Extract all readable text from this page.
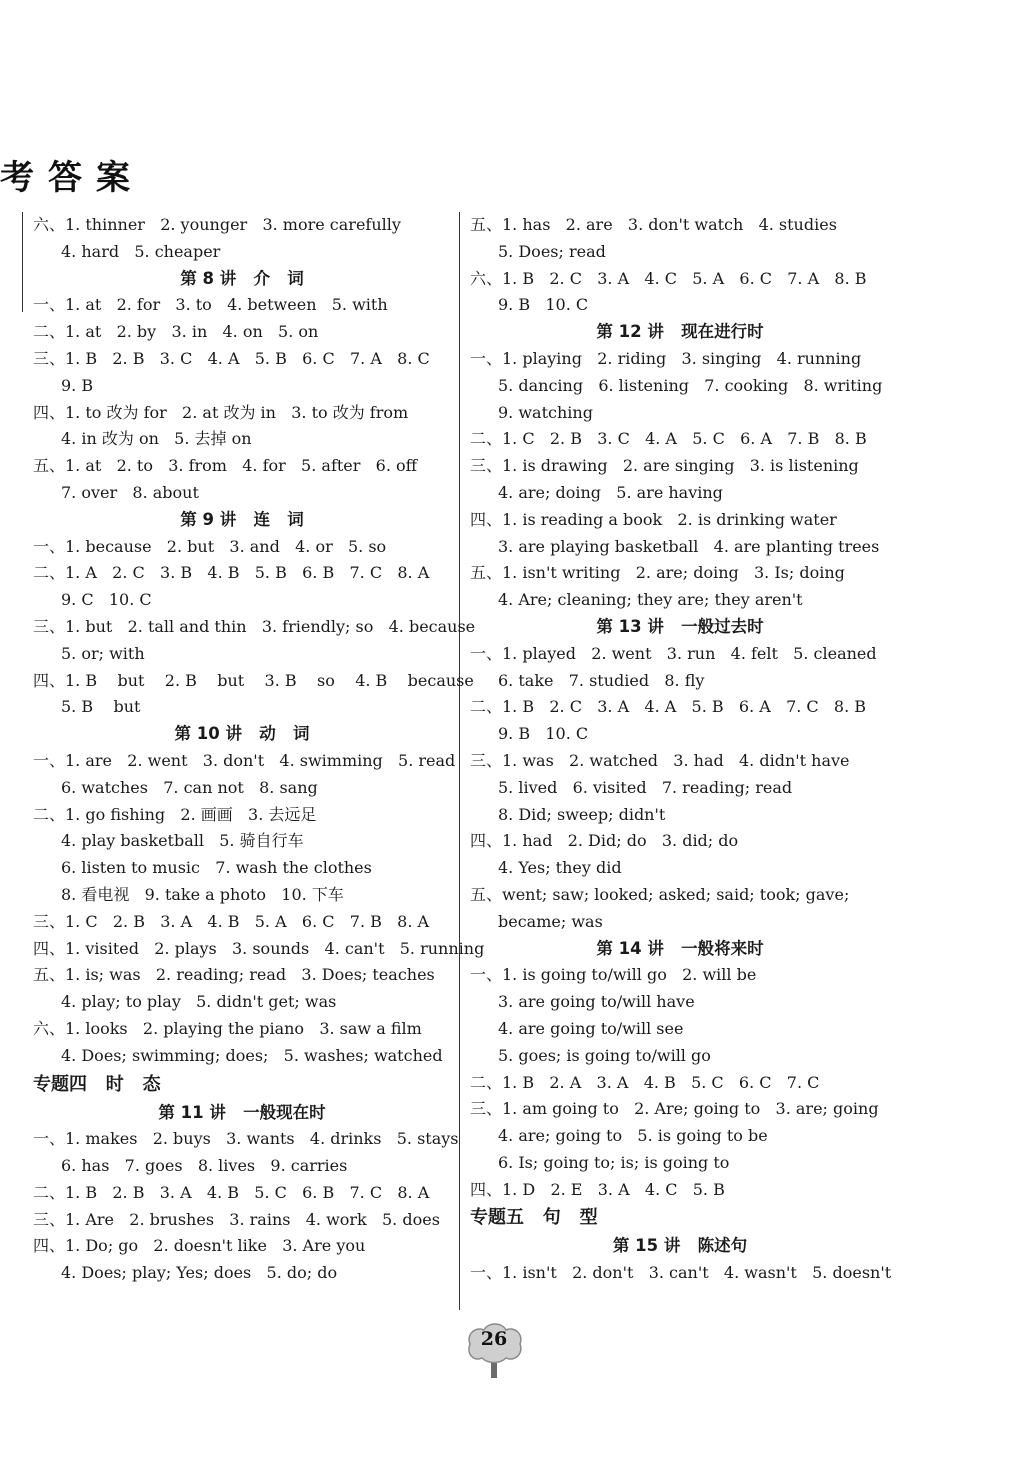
考答案
六、1. thinner   2. younger   3. more carefully
4. hard   5. cheaper
第 8 讲   介   词
一、1. at   2. for   3. to   4. between   5. with
二、1. at   2. by   3. in   4. on   5. on
三、1. B   2. B   3. C   4. A   5. B   6. C   7. A   8. C
9. B
四、1. to 改为 for   2. at 改为 in   3. to 改为 from
4. in 改为 on   5. 去掉 on
五、1. at   2. to   3. from   4. for   5. after   6. off
7. over   8. about
第 9 讲   连   词
一、1. because   2. but   3. and   4. or   5. so
二、1. A   2. C   3. B   4. B   5. B   6. B   7. C   8. A
9. C   10. C
三、1. but   2. tall and thin   3. friendly; so   4. because
5. or; with
四、1. B    but    2. B    but    3. B    so    4. B    because
5. B    but
第 10 讲   动   词
一、1. are   2. went   3. don't   4. swimming   5. read
6. watches   7. can not   8. sang
二、1. go fishing   2. 画画   3. 去远足
4. play basketball   5. 骑自行车
6. listen to music   7. wash the clothes
8. 看电视   9. take a photo   10. 下车
三、1. C   2. B   3. A   4. B   5. A   6. C   7. B   8. A
四、1. visited   2. plays   3. sounds   4. can't   5. running
五、1. is; was   2. reading; read   3. Does; teaches
4. play; to play   5. didn't get; was
六、1. looks   2. playing the piano   3. saw a film
4. Does; swimming; does;   5. washes; watched
专题四   时   态
第 11 讲   一般现在时
一、1. makes   2. buys   3. wants   4. drinks   5. stays
6. has   7. goes   8. lives   9. carries
二、1. B   2. B   3. A   4. B   5. C   6. B   7. C   8. A
三、1. Are   2. brushes   3. rains   4. work   5. does
四、1. Do; go   2. doesn't like   3. Are you
4. Does; play; Yes; does   5. do; do
五、1. has   2. are   3. don't watch   4. studies
5. Does; read
六、1. B   2. C   3. A   4. C   5. A   6. C   7. A   8. B
9. B   10. C
第 12 讲   现在进行时
一、1. playing   2. riding   3. singing   4. running
5. dancing   6. listening   7. cooking   8. writing
9. watching
二、1. C   2. B   3. C   4. A   5. C   6. A   7. B   8. B
三、1. is drawing   2. are singing   3. is listening
4. are; doing   5. are having
四、1. is reading a book   2. is drinking water
3. are playing basketball   4. are planting trees
五、1. isn't writing   2. are; doing   3. Is; doing
4. Are; cleaning; they are; they aren't
第 13 讲   一般过去时
一、1. played   2. went   3. run   4. felt   5. cleaned
6. take   7. studied   8. fly
二、1. B   2. C   3. A   4. A   5. B   6. A   7. C   8. B
9. B   10. C
三、1. was   2. watched   3. had   4. didn't have
5. lived   6. visited   7. reading; read
8. Did; sweep; didn't
四、1. had   2. Did; do   3. did; do
4. Yes; they did
五、went; saw; looked; asked; said; took; gave;
became; was
第 14 讲   一般将来时
一、1. is going to/will go   2. will be
3. are going to/will have
4. are going to/will see
5. goes; is going to/will go
二、1. B   2. A   3. A   4. B   5. C   6. C   7. C
三、1. am going to   2. Are; going to   3. are; going
4. are; going to   5. is going to be
6. Is; going to; is; is going to
四、1. D   2. E   3. A   4. C   5. B
专题五   句   型
第 15 讲   陈述句
一、1. isn't   2. don't   3. can't   4. wasn't   5. doesn't
26
